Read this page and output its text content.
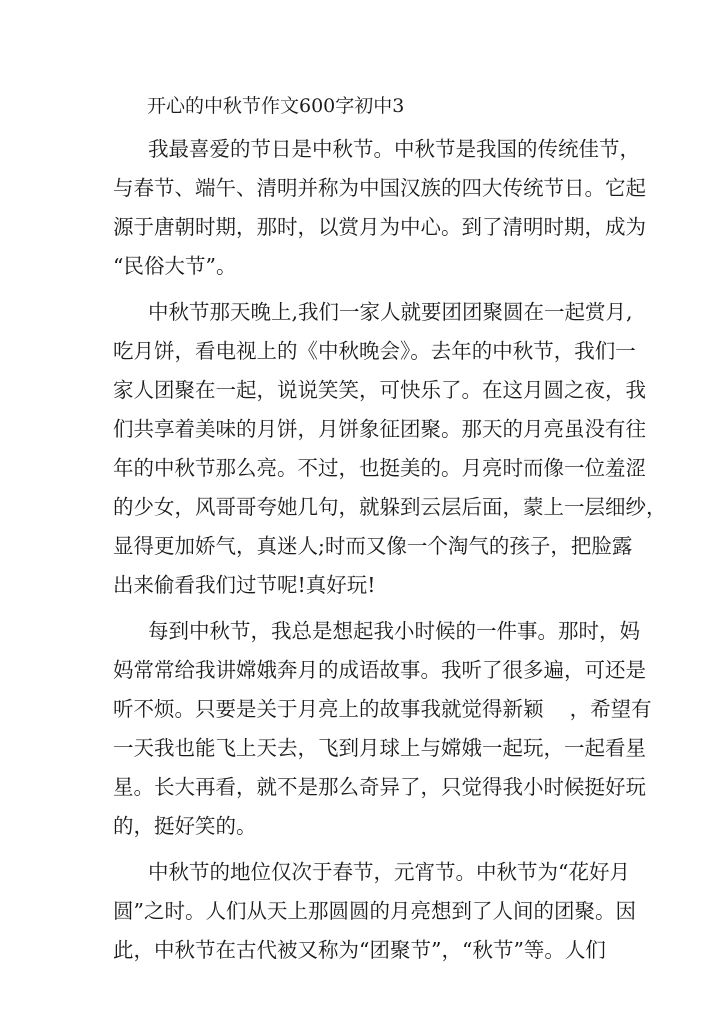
开心的中秋节作文600字初中3
我最喜爱的节日是中秋节。中秋节是我国的传统佳节，
与春节、端午、清明并称为中国汉族的四大传统节日。它起
源于唐朝时期，那时，以赏月为中心。到了清明时期，成为
“民俗大节”。
中秋节那天晚上,我们一家人就要团团聚圆在一起赏月,
吃月饼，看电视上的《中秋晚会》。去年的中秋节，我们一
家人团聚在一起，说说笑笑，可快乐了。在这月圆之夜，我
们共享着美味的月饼，月饼象征团聚。那天的月亮虽没有往
年的中秋节那么亮。不过，也挺美的。月亮时而像一位羞涩
的少女，风哥哥夸她几句，就躲到云层后面，蒙上一层细纱，
显得更加娇气，真迷人;时而又像一个淘气的孩子，把脸露
出来偷看我们过节呢!真好玩!
每到中秋节，我总是想起我小时候的一件事。那时，妈
妈常常给我讲嫦娥奔月的成语故事。我听了很多遍，可还是
听不烦。只要是关于月亮上的故事我就觉得新颖    ，希望有
一天我也能飞上天去，飞到月球上与嫦娥一起玩，一起看星
星。长大再看，就不是那么奇异了，只觉得我小时候挺好玩
的，挺好笑的。
中秋节的地位仅次于春节，元宵节。中秋节为“花好月
圆”之时。人们从天上那圆圆的月亮想到了人间的团聚。因
此，中秋节在古代被又称为“团聚节”，“秋节”等。人们
